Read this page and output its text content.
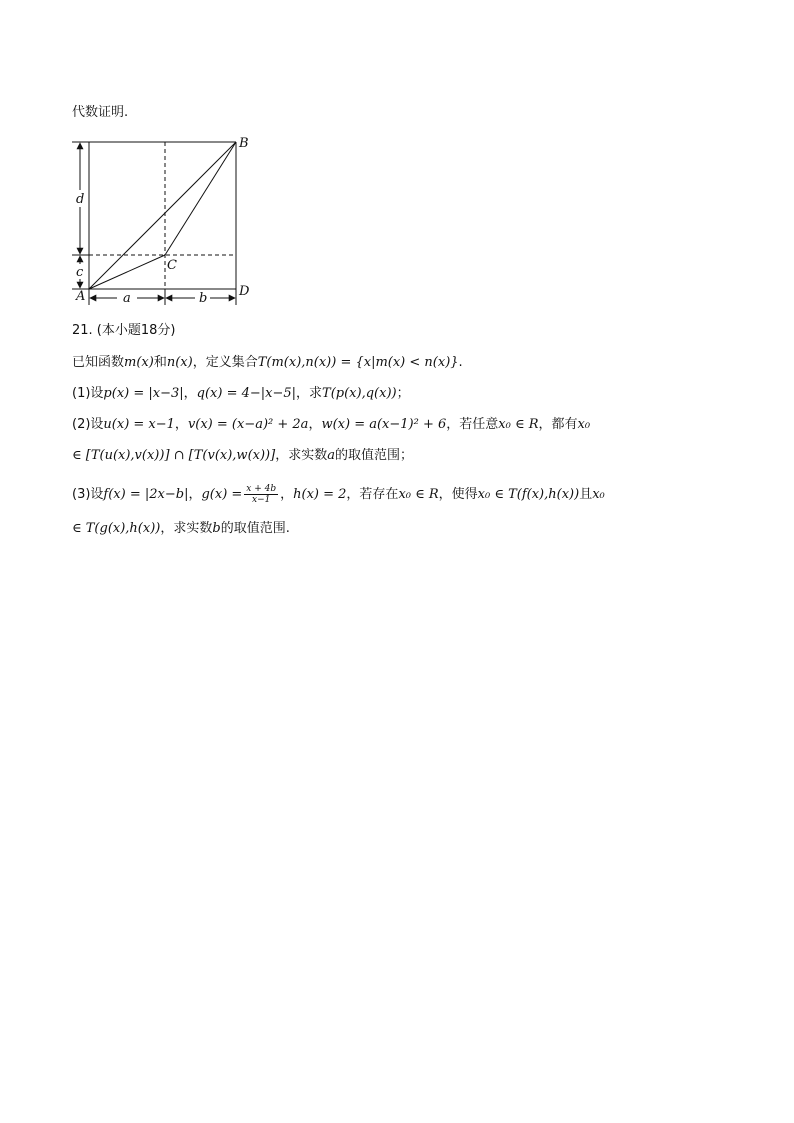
代数证明.
B
C
A	D
a	b
c
d
21. (本小题18分)
已知函数m(x)和n(x)，定义集合T(m(x),n(x)) = {x|m(x) < n(x)}.
(1)设p(x) = |x−3|，q(x) = 4−|x−5|，求T(p(x),q(x))；
(2)设u(x) = x−1，v(x) = (x−a)² + 2a，w(x) = a(x−1)² + 6，若任意x₀ ∈ R，都有x₀
∈ [T(u(x),v(x))] ∩ [T(v(x),w(x))]，求实数a的取值范围；
(3)设f(x) = |2x−b|，$g(x) = \frac{x + 4b}{x-1}$ ，h(x) = 2，若存在x₀ ∈ R，使得x₀ ∈ T(f(x),h(x))且x₀
∈ T(g(x),h(x))，求实数b的取值范围.
